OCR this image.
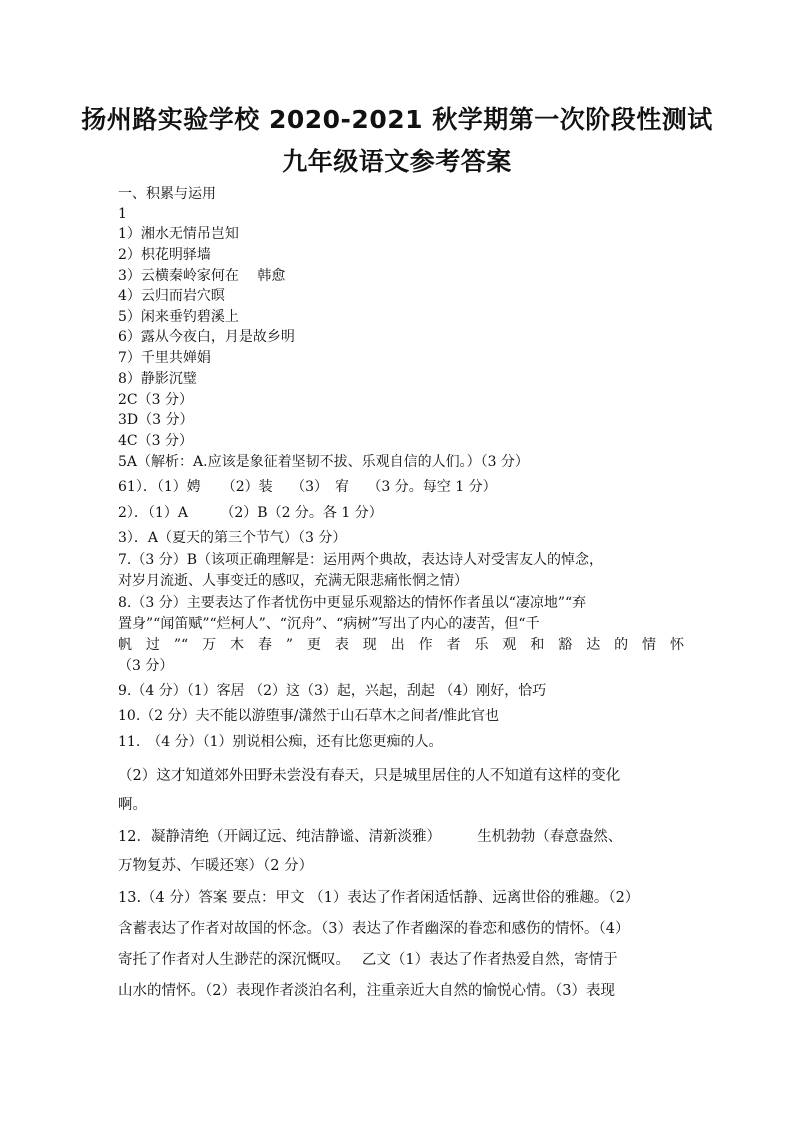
扬州路实验学校 2020-2021 秋学期第一次阶段性测试
九年级语文参考答案
一、积累与运用
1
1）湘水无情吊岂知
2）枳花明驿墙
3）云横秦岭家何在　 韩愈
4）云归而岩穴暝
5）闲来垂钓碧溪上
6）露从今夜白，月是故乡明
7）千里共婵娟
8）静影沉璧
2C（3 分）
3D（3 分）
4C（3 分）
5A（解析：A.应该是象征着坚韧不拔、乐观自信的人们。）（3 分）
61）．（1）娉　　（2）装　 （3）　宥　 （3 分。每空 1 分）
2）．（1）A　　 （2）B（2 分。各 1 分）
3）．A（夏天的第三个节气）（3 分）
7.（3 分）B（该项正确理解是：运用两个典故，表达诗人对受害友人的悼念，
对岁月流逝、人事变迁的感叹，充满无限悲痛怅惘之情）
8.（3 分）主要表达了作者忧伤中更显乐观豁达的情怀作者虽以“凄凉地”“弃
置身”“闻笛赋”“烂柯人”、“沉舟”、“病树”写出了内心的凄苦，但“千
帆过”“万木春”更表现出作者乐观和豁达的情怀
（3 分）
9.（4 分）（1）客居 （2）这（3）起，兴起，刮起 （4）刚好，恰巧
10.（2 分）夫不能以游堕事/潇然于山石草木之间者/惟此官也
11.　（4 分）（1）别说相公痴，还有比您更痴的人。
（2）这才知道郊外田野未尝没有春天，只是城里居住的人不知道有这样的变化
啊。
12．凝静清绝（开阔辽远、纯洁静谧、清新淡雅）　　　生机勃勃（春意盎然、
万物复苏、乍暖还寒）（2 分）
13.（4 分）答案 要点：甲文 （1）表达了作者闲适恬静、远离世俗的雅趣。（2）
含蓄表达了作者对故国的怀念。（3）表达了作者幽深的眷恋和感伤的情怀。（4）
寄托了作者对人生渺茫的深沉慨叹。　 乙文（1）表达了作者热爱自然，寄情于
山水的情怀。（2）表现作者淡泊名利，注重亲近大自然的愉悦心情。（3）表现
